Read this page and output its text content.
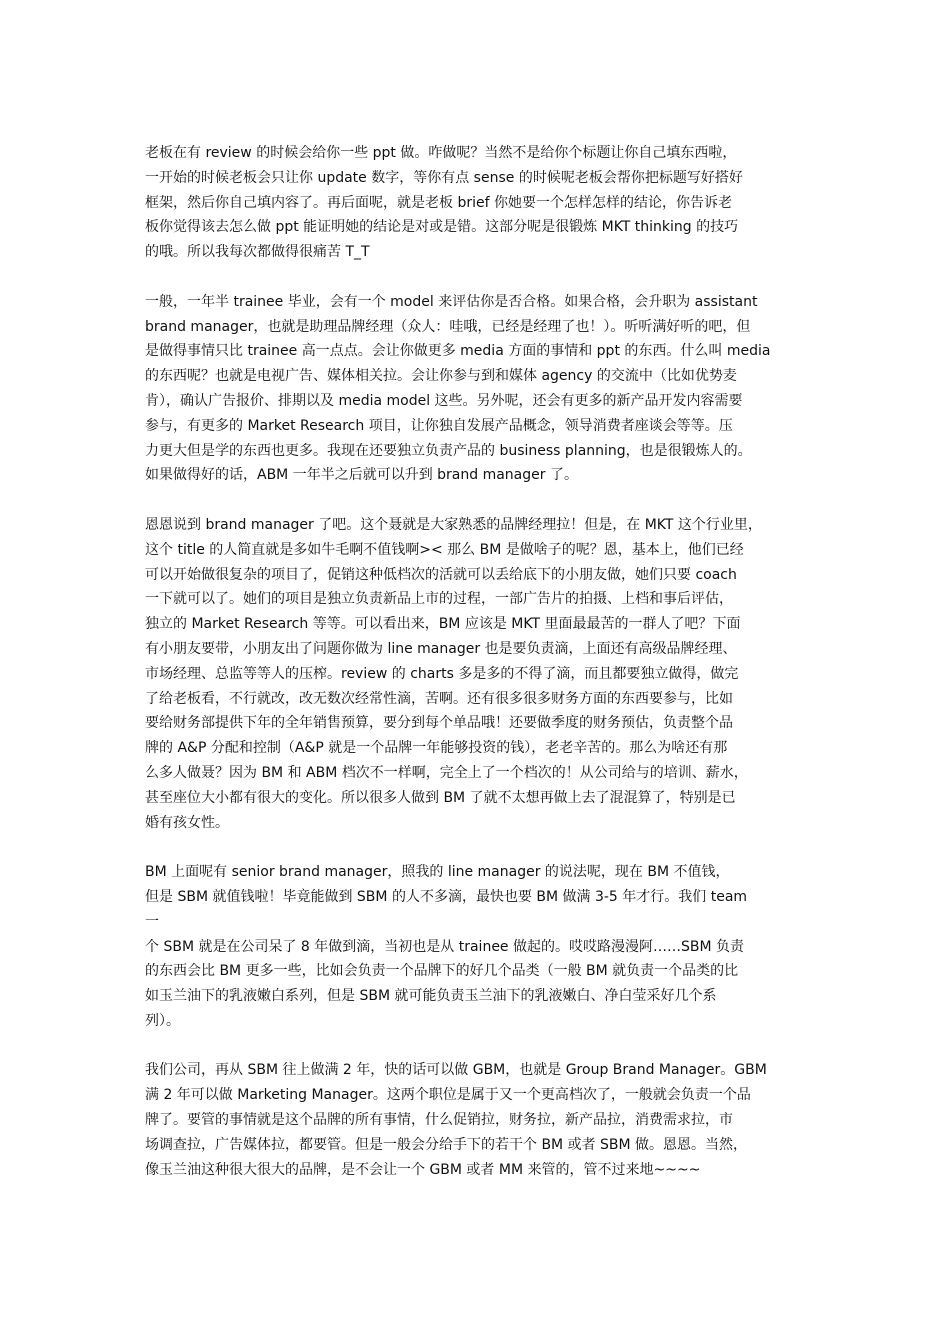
老板在有 review 的时候会给你一些 ppt 做。咋做呢？当然不是给你个标题让你自己填东西啦，
一开始的时候老板会只让你 update 数字，等你有点 sense 的时候呢老板会帮你把标题写好搭好
框架，然后你自己填内容了。再后面呢，就是老板 brief 你她要一个怎样怎样的结论，你告诉老
板你觉得该去怎么做 ppt 能证明她的结论是对或是错。这部分呢是很锻炼 MKT thinking 的技巧
的哦。所以我每次都做得很痛苦 T_T
一般，一年半 trainee 毕业，会有一个 model 来评估你是否合格。如果合格，会升职为 assistant
brand manager，也就是助理品牌经理（众人：哇哦，已经是经理了也！）。听听满好听的吧，但
是做得事情只比 trainee 高一点点。会让你做更多 media 方面的事情和 ppt 的东西。什么叫 media
的东西呢？也就是电视广告、媒体相关拉。会让你参与到和媒体 agency 的交流中（比如优势麦
肯），确认广告报价、排期以及 media model 这些。另外呢，还会有更多的新产品开发内容需要
参与，有更多的 Market Research 项目，让你独自发展产品概念，领导消费者座谈会等等。压
力更大但是学的东西也更多。我现在还要独立负责产品的 business planning，也是很锻炼人的。
如果做得好的话，ABM 一年半之后就可以升到 brand manager 了。
恩恩说到 brand manager 了吧。这个聂就是大家熟悉的品牌经理拉！但是，在 MKT 这个行业里，
这个 title 的人简直就是多如牛毛啊不值钱啊>< 那么 BM 是做啥子的呢？恩，基本上，他们已经
可以开始做很复杂的项目了，促销这种低档次的活就可以丢给底下的小朋友做，她们只要 coach
一下就可以了。她们的项目是独立负责新品上市的过程，一部广告片的拍摄、上档和事后评估，
独立的 Market Research 等等。可以看出来，BM 应该是 MKT 里面最最苦的一群人了吧？下面
有小朋友要带，小朋友出了问题你做为 line manager 也是要负责滴，上面还有高级品牌经理、
市场经理、总监等等人的压榨。review 的 charts 多是多的不得了滴，而且都要独立做得，做完
了给老板看，不行就改，改无数次经常性滴，苦啊。还有很多很多财务方面的东西要参与，比如
要给财务部提供下年的全年销售预算，要分到每个单品哦！还要做季度的财务预估，负责整个品
牌的 A&P 分配和控制（A&P 就是一个品牌一年能够投资的钱），老老辛苦的。那么为啥还有那
么多人做聂？因为 BM 和 ABM 档次不一样啊，完全上了一个档次的！从公司给与的培训、薪水，
甚至座位大小都有很大的变化。所以很多人做到 BM 了就不太想再做上去了混混算了，特别是已
婚有孩女性。
BM 上面呢有 senior brand manager，照我的 line manager 的说法呢，现在 BM 不值钱，
但是 SBM 就值钱啦！毕竟能做到 SBM 的人不多滴，最快也要 BM 做满 3-5 年才行。我们 team
一
个 SBM 就是在公司呆了 8 年做到滴，当初也是从 trainee 做起的。哎哎路漫漫阿……SBM 负责
的东西会比 BM 更多一些，比如会负责一个品牌下的好几个品类（一般 BM 就负责一个品类的比
如玉兰油下的乳液嫩白系列，但是 SBM 就可能负责玉兰油下的乳液嫩白、净白莹采好几个系
列）。
我们公司，再从 SBM 往上做满 2 年，快的话可以做 GBM，也就是 Group Brand Manager。GBM
满 2 年可以做 Marketing Manager。这两个职位是属于又一个更高档次了，一般就会负责一个品
牌了。要管的事情就是这个品牌的所有事情，什么促销拉，财务拉，新产品拉，消费需求拉，市
场调查拉，广告媒体拉，都要管。但是一般会分给手下的若干个 BM 或者 SBM 做。恩恩。当然，
像玉兰油这种很大很大的品牌，是不会让一个 GBM 或者 MM 来管的，管不过来地~~~~
